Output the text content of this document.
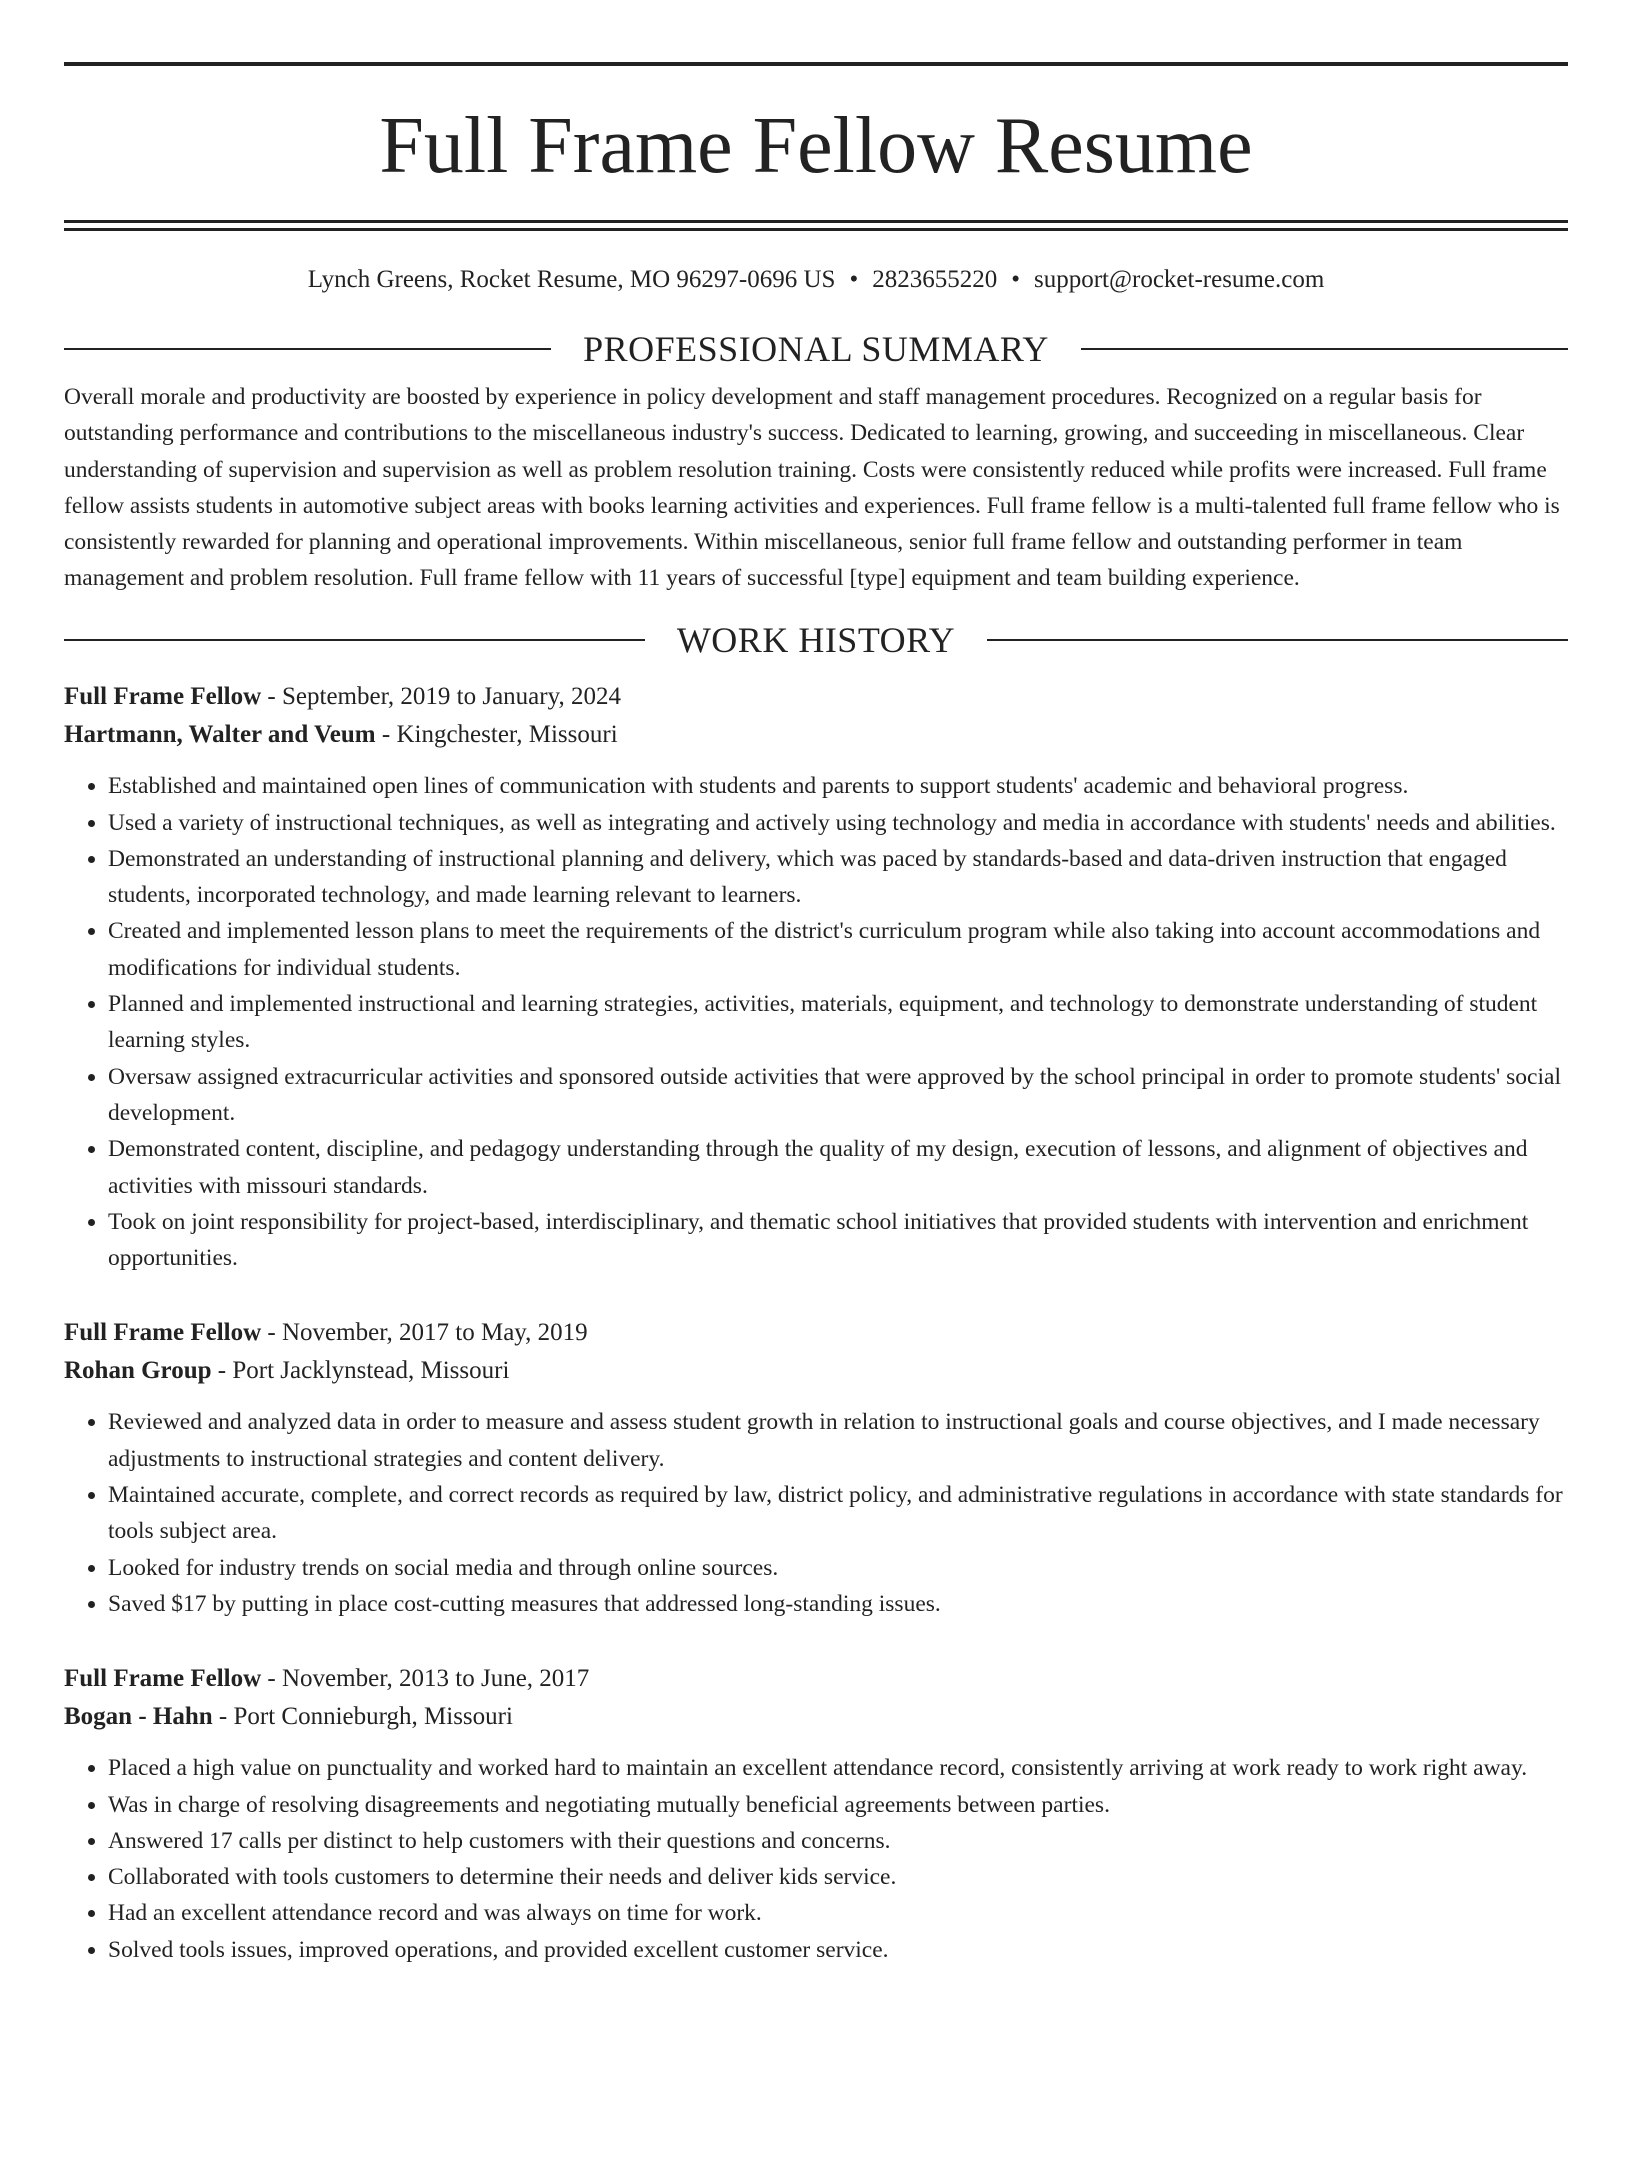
Full Frame Fellow Resume
Lynch Greens, Rocket Resume, MO 96297-0696 US • 2823655220 • support@rocket-resume.com
PROFESSIONAL SUMMARY

Overall morale and productivity are boosted by experience in policy development and staff management procedures. Recognized on a regular basis for outstanding performance and contributions to the miscellaneous industry's success. Dedicated to learning, growing, and succeeding in miscellaneous. Clear understanding of supervision and supervision as well as problem resolution training. Costs were consistently reduced while profits were increased. Full frame fellow assists students in automotive subject areas with books learning activities and experiences. Full frame fellow is a multi-talented full frame fellow who is consistently rewarded for planning and operational improvements. Within miscellaneous, senior full frame fellow and outstanding performer in team management and problem resolution. Full frame fellow with 11 years of successful [type] equipment and team building experience.

WORK HISTORY
Full Frame Fellow - September, 2019 to January, 2024
Hartmann, Walter and Veum - Kingchester, Missouri
• Established and maintained open lines of communication with students and parents to support students' academic and behavioral progress.
• Used a variety of instructional techniques, as well as integrating and actively using technology and media in accordance with students' needs and abilities.
• Demonstrated an understanding of instructional planning and delivery, which was paced by standards-based and data-driven instruction that engaged students, incorporated technology, and made learning relevant to learners.
• Created and implemented lesson plans to meet the requirements of the district's curriculum program while also taking into account accommodations and modifications for individual students.
• Planned and implemented instructional and learning strategies, activities, materials, equipment, and technology to demonstrate understanding of student learning styles.
• Oversaw assigned extracurricular activities and sponsored outside activities that were approved by the school principal in order to promote students' social development.
• Demonstrated content, discipline, and pedagogy understanding through the quality of my design, execution of lessons, and alignment of objectives and activities with missouri standards.
• Took on joint responsibility for project-based, interdisciplinary, and thematic school initiatives that provided students with intervention and enrichment opportunities.
Full Frame Fellow - November, 2017 to May, 2019
Rohan Group - Port Jacklynstead, Missouri
• Reviewed and analyzed data in order to measure and assess student growth in relation to instructional goals and course objectives, and I made necessary adjustments to instructional strategies and content delivery.
• Maintained accurate, complete, and correct records as required by law, district policy, and administrative regulations in accordance with state standards for tools subject area.
• Looked for industry trends on social media and through online sources.
• Saved $17 by putting in place cost-cutting measures that addressed long-standing issues.
Full Frame Fellow - November, 2013 to June, 2017
Bogan - Hahn - Port Connieburgh, Missouri
• Placed a high value on punctuality and worked hard to maintain an excellent attendance record, consistently arriving at work ready to work right away.
• Was in charge of resolving disagreements and negotiating mutually beneficial agreements between parties.
• Answered 17 calls per distinct to help customers with their questions and concerns.
• Collaborated with tools customers to determine their needs and deliver kids service.
• Had an excellent attendance record and was always on time for work.
• Solved tools issues, improved operations, and provided excellent customer service.
